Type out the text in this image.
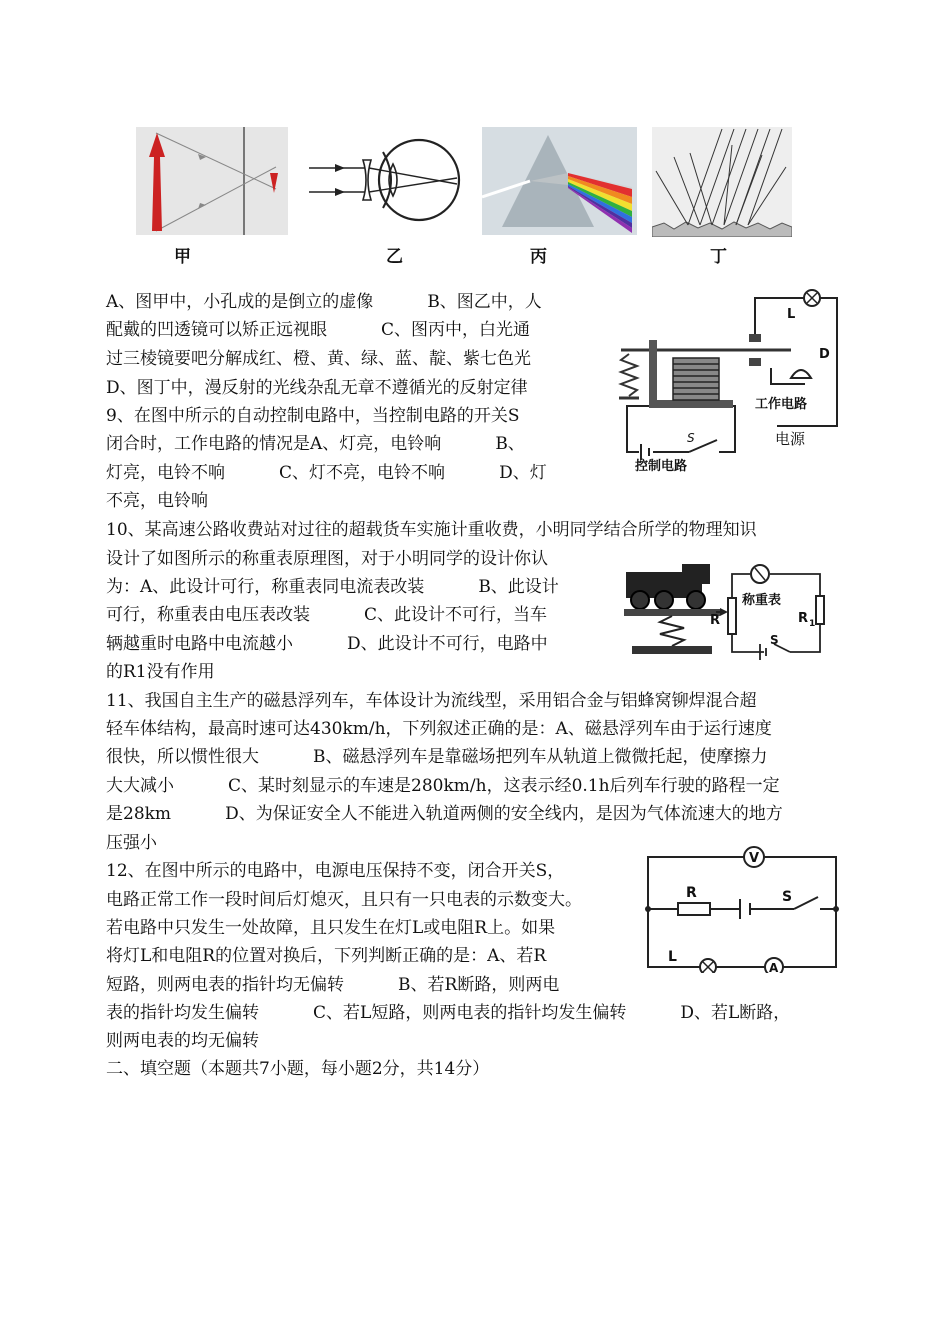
甲	乙	丙	丁
L
D
工作电路
电源
S
控制电路
称重表
R	R 1
S
V
A
R	S
L
A、图甲中，小孔成的是倒立的虚像          B、图乙中，人
配戴的凹透镜可以矫正远视眼          C、图丙中，白光通
过三棱镜要吧分解成红、橙、黄、绿、蓝、靛、紫七色光
D、图丁中，漫反射的光线杂乱无章不遵循光的反射定律
9、在图中所示的自动控制电路中，当控制电路的开关S
闭合时，工作电路的情况是A、灯亮，电铃响          B、
灯亮，电铃不响          C、灯不亮，电铃不响          D、灯
不亮，电铃响
10、某高速公路收费站对过往的超载货车实施计重收费，小明同学结合所学的物理知识
设计了如图所示的称重表原理图，对于小明同学的设计你认
为：A、此设计可行，称重表同电流表改装          B、此设计
可行，称重表由电压表改装          C、此设计不可行，当车
辆越重时电路中电流越小          D、此设计不可行，电路中
的R1没有作用
11、我国自主生产的磁悬浮列车，车体设计为流线型，采用铝合金与铝蜂窝铆焊混合超
轻车体结构，最高时速可达430km/h，下列叙述正确的是：A、磁悬浮列车由于运行速度
很快，所以惯性很大          B、磁悬浮列车是靠磁场把列车从轨道上微微托起，使摩擦力
大大减小          C、某时刻显示的车速是280km/h，这表示经0.1h后列车行驶的路程一定
是28km          D、为保证安全人不能进入轨道两侧的安全线内，是因为气体流速大的地方
压强小
12、在图中所示的电路中，电源电压保持不变，闭合开关S，
电路正常工作一段时间后灯熄灭，且只有一只电表的示数变大。
若电路中只发生一处故障，且只发生在灯L或电阻R上。如果
将灯L和电阻R的位置对换后，下列判断正确的是：A、若R
短路，则两电表的指针均无偏转          B、若R断路，则两电
表的指针均发生偏转          C、若L短路，则两电表的指针均发生偏转          D、若L断路，
则两电表的均无偏转
二、填空题（本题共7小题，每小题2分，共14分）
